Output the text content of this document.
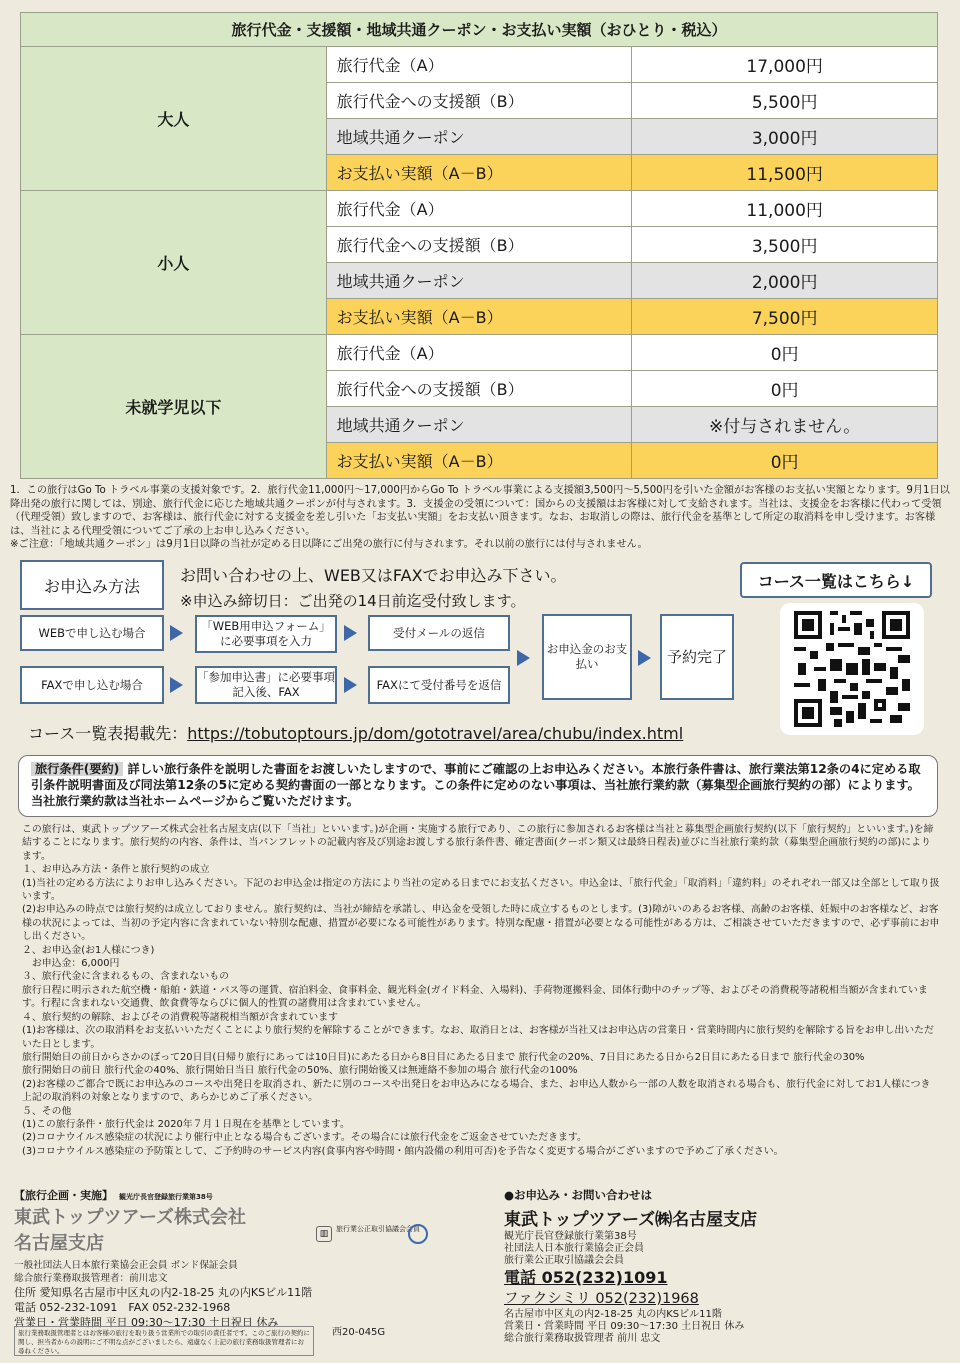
旅行代金・支援額・地域共通クーポン・お支払い実額（おひとり・税込）		
大人	旅行代金（A）	17,000円
	旅行代金への支援額（B）	5,500円
	地域共通クーポン	3,000円
	お支払い実額（A－B）	11,500円
小人	旅行代金（A）	11,000円
	旅行代金への支援額（B）	3,500円
	地域共通クーポン	2,000円
	お支払い実額（A－B）	7,500円
未就学児以下	旅行代金（A）	0円
	旅行代金への支援額（B）	0円
	地域共通クーポン	※付与されません。
	お支払い実額（A－B）	0円

1．この旅行はGo To トラベル事業の支援対象です。2．旅行代金11,000円～17,000円からGo To トラベル事業による支援額3,500円～5,500円を引いた金額がお客様のお支払い実額となります。9月1日以降出発の旅行に関しては、別途、旅行代金に応じた地域共通クーポンが付与されます。3．支援金の受領について：国からの支援額はお客様に対して支給されます。当社は、支援金をお客様に代わって受領（代理受領）致しますので、お客様は、旅行代金に対する支援金を差し引いた「お支払い実額」をお支払い頂きます。なお、お取消しの際は、旅行代金を基準として所定の取消料を申し受けます。お客様は、当社による代理受領についてご了承の上お申し込みください。

※ご注意：「地域共通クーポン」は9月1日以降の当社が定める日以降にご出発の旅行に付与されます。それ以前の旅行には付与されません。

お申込み方法
お問い合わせの上、WEB又はFAXでお申込み下さい。
※申込み締切日：ご出発の14日前迄受付致します。
コース一覧はこちら↓
WEBで申し込む場合
FAXで申し込む場合
「WEB用申込フォーム」に必要事項を入力
「参加申込書」に必要事項記入後、FAX
受付メールの返信
FAXにて受付番号を返信
お申込金のお支払い	予約完了
コース一覧表掲載先：https://tobutoptours.jp/dom/gototravel/area/chubu/index.html
旅行条件(要約) 詳しい旅行条件を説明した書面をお渡しいたしますので、事前にご確認の上お申込みください。本旅行条件書は、旅行業法第12条の4に定める取引条件説明書面及び同法第12条の5に定める契約書面の一部となります。この条件に定めのない事項は、当社旅行業約款（募集型企画旅行契約の部）によります。当社旅行業約款は当社ホームページからご覧いただけます。

この旅行は、東武トップツアーズ株式会社名古屋支店(以下「当社」といいます。)が企画・実施する旅行であり、この旅行に参加されるお客様は当社と募集型企画旅行契約(以下「旅行契約」といいます。)を締結することになります。旅行契約の内容、条件は、当パンフレットの記載内容及び別途お渡しする旅行条件書、確定書面(クーポン類又は最終日程表)並びに当社旅行業約款（募集型企画旅行契約の部)によります。

１、お申込み方法・条件と旅行契約の成立

(1)当社の定める方法によりお申し込みください。下記のお申込金は指定の方法により当社の定める日までにお支払ください。申込金は、「旅行代金」「取消料」「違約料」のそれぞれ一部又は全部として取り扱います。

(2)お申込みの時点では旅行契約は成立しておりません。旅行契約は、当社が締結を承諾し、申込金を受領した時に成立するものとします。(3)障がいのあるお客様、高齢のお客様、妊娠中のお客様など、お客様の状況によっては、当初の予定内容に含まれていない特別な配慮、措置が必要になる可能性があります。特別な配慮・措置が必要となる可能性がある方は、ご相談させていただきますので、必ず事前にお申し出ください。

２、お申込金(お1人様につき)

　お申込金：6,000円

３、旅行代金に含まれるもの、含まれないもの

旅行日程に明示された航空機・船舶・鉄道・バス等の運賃、宿泊料金、食事料金、観光料金(ガイド料金、入場料)、手荷物運搬料金、団体行動中のチップ等、およびその消費税等諸税相当額が含まれています。行程に含まれない交通費、飲食費等ならびに個人的性質の諸費用は含まれていません。

４、旅行契約の解除、およびその消費税等諸税相当額が含まれています

(1)お客様は、次の取消料をお支払いいただくことにより旅行契約を解除することができます。なお、取消日とは、お客様が当社又はお申込店の営業日・営業時間内に旅行契約を解除する旨をお申し出いただいた日とします。

旅行開始日の前日からさかのぼって20日目(日帰り旅行にあっては10日目)にあたる日から8日目にあたる日まで 旅行代金の20%、7日目にあたる日から2日目にあたる日まで 旅行代金の30%

旅行開始日の前日 旅行代金の40%、旅行開始日当日 旅行代金の50%、旅行開始後又は無連絡不参加の場合 旅行代金の100%

(2)お客様のご都合で既にお申込みのコースや出発日を取消され、新たに別のコースや出発日をお申込みになる場合、また、お申込人数から一部の人数を取消される場合も、旅行代金に対してお1人様につき上記の取消料の対象となりますので、あらかじめご了承ください。

５、その他

(1)この旅行条件・旅行代金は 2020年７月１日現在を基準としています。

(2)コロナウイルス感染症の状況により催行中止となる場合もございます。その場合には旅行代金をご返金させていただきます。

(3)コロナウイルス感染症の予防策として、ご予約時のサービス内容(食事内容や時間・館内設備の利用可否)を予告なく変更する場合がございますので予めご了承ください。

【旅行企画・実施】 観光庁長官登録旅行業第38号
東武トップツアーズ株式会社
名古屋支店
一般社団法人日本旅行業協会正会員 ボンド保証会員
総合旅行業務取扱管理者：前川忠文
住所 愛知県名古屋市中区丸の内2-18-25 丸の内KSビル11階
電話 052-232-1091　FAX 052-232-1968
営業日・営業時間 平日 09:30～17:30 土日祝日 休み
▥	旅行業公正取引協議会会員
旅行業務取扱管理者とはお客様の旅行を取り扱う営業所での取引の責任者です。このご旅行の契約に関し、担当者からの説明にご不明な点がございましたら、遠慮なく上記の旅行業務取扱管理者にお尋ねください。
西20-045G
●お申込み・お問い合わせは
東武トップツアーズ㈱名古屋支店
観光庁長官登録旅行業第38号
社団法人日本旅行業協会正会員
旅行業公正取引協議会会員
電話 052(232)1091
ファクシミリ 052(232)1968
名古屋市中区丸の内2-18-25 丸の内KSビル11階
営業日・営業時間 平日 09:30～17:30 土日祝日 休み
総合旅行業務取扱管理者 前川 忠文
